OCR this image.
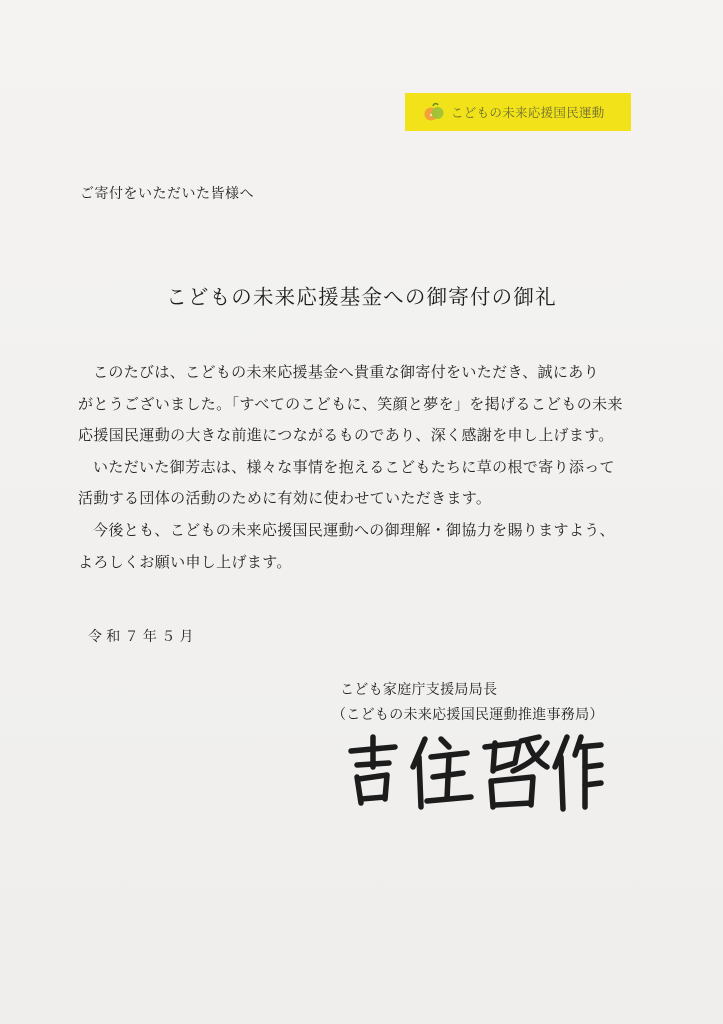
こどもの未来応援国民運動
ご寄付をいただいた皆様へ
こどもの未来応援基金への御寄付の御礼
このたびは、こどもの未来応援基金へ貴重な御寄付をいただき、誠にあり
がとうございました。「すべてのこどもに、笑顔と夢を」を掲げるこどもの未来
応援国民運動の大きな前進につながるものであり、深く感謝を申し上げます。
いただいた御芳志は、様々な事情を抱えるこどもたちに草の根で寄り添って
活動する団体の活動のために有効に使わせていただきます。
今後とも、こどもの未来応援国民運動への御理解・御協力を賜りますよう、
よろしくお願い申し上げます。
令和７年５月
こども家庭庁支援局局長
（こどもの未来応援国民運動推進事務局）
